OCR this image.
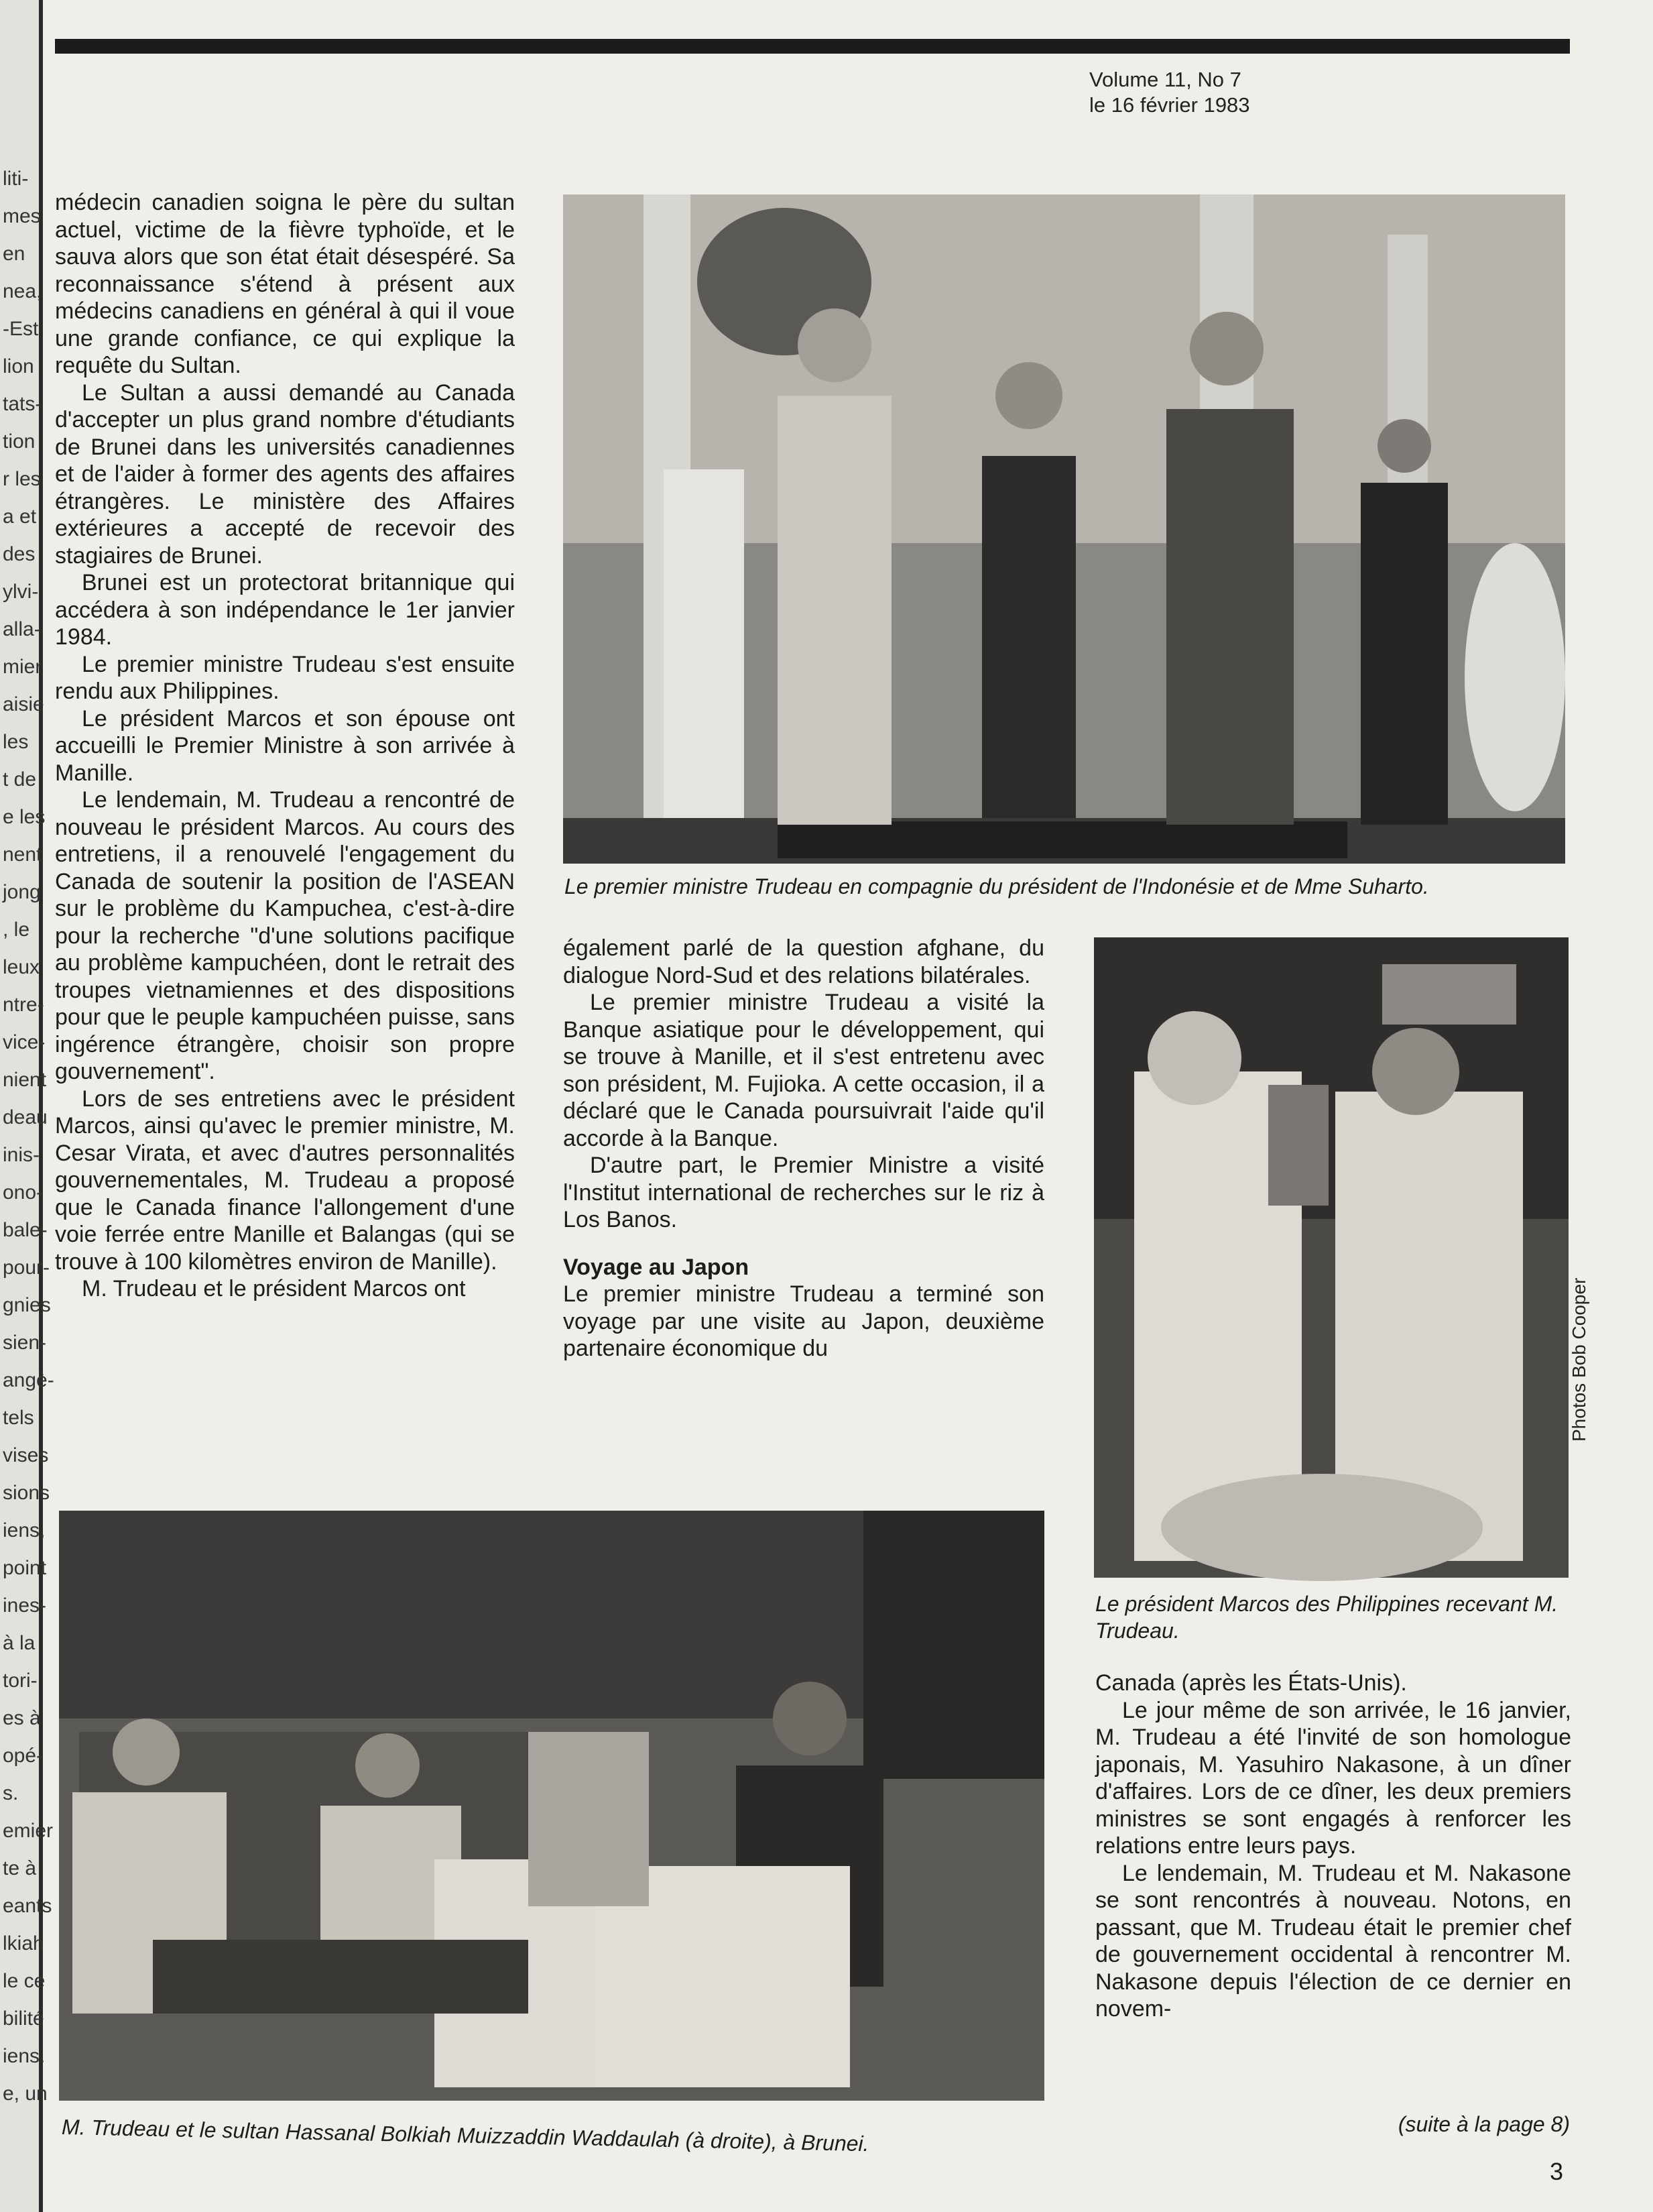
liti-
mes
en
nea,
-Est
lion
tats-
tion
r les
a et
des
ylvi-
alla-
mier
aisie
les
t de
e les
nent
jong
, le
leux
ntre-
vice-
nient
deau
inis-
ono-
bale-
pour-
gnies
sien-
angè-
tels
vises
sions
iens,
point
ines-
à la
tori-
es à
opé-
s.
emier
te à
eants
lkiah
le ce
bilité
iens.
e, un
Volume 11, No 7
le 16 février 1983

médecin canadien soigna le père du sultan actuel, victime de la fièvre typhoïde, et le sauva alors que son état était désespéré. Sa reconnaissance s'étend à présent aux médecins canadiens en général à qui il voue une grande confiance, ce qui explique la requête du Sultan.

Le Sultan a aussi demandé au Canada d'accepter un plus grand nombre d'étudiants de Brunei dans les universités canadiennes et de l'aider à former des agents des affaires étrangères. Le ministère des Affaires extérieures a accepté de recevoir des stagiaires de Brunei.

Brunei est un protectorat britannique qui accédera à son indépendance le 1er janvier 1984.

Le premier ministre Trudeau s'est ensuite rendu aux Philippines.

Le président Marcos et son épouse ont accueilli le Premier Ministre à son arrivée à Manille.

Le lendemain, M. Trudeau a rencontré de nouveau le président Marcos. Au cours des entretiens, il a renouvelé l'engagement du Canada de soutenir la position de l'ASEAN sur le problème du Kampuchea, c'est-à-dire pour la recherche "d'une solutions pacifique au problème kampuchéen, dont le retrait des troupes vietnamiennes et des dispositions pour que le peuple kampuchéen puisse, sans ingérence étrangère, choisir son propre gouvernement".

Lors de ses entretiens avec le président Marcos, ainsi qu'avec le premier ministre, M. Cesar Virata, et avec d'autres personnalités gouvernementales, M. Trudeau a proposé que le Canada finance l'allongement d'une voie ferrée entre Manille et Balangas (qui se trouve à 100 kilomètres environ de Manille).

M. Trudeau et le président Marcos ont

Le premier ministre Trudeau en compagnie du président de l'Indonésie et de Mme Suharto.

également parlé de la question afghane, du dialogue Nord-Sud et des relations bilatérales.

Le premier ministre Trudeau a visité la Banque asiatique pour le développement, qui se trouve à Manille, et il s'est entretenu avec son président, M. Fujioka. A cette occasion, il a déclaré que le Canada poursuivrait l'aide qu'il accorde à la Banque.

D'autre part, le Premier Ministre a visité l'Institut international de recherches sur le riz à Los Banos.

Voyage au Japon

Le premier ministre Trudeau a terminé son voyage par une visite au Japon, deuxième partenaire économique du

Le président Marcos des Philippines recevant M. Trudeau.
Photos Bob Cooper

Canada (après les États-Unis).

Le jour même de son arrivée, le 16 janvier, M. Trudeau a été l'invité de son homologue japonais, M. Yasuhiro Nakasone, à un dîner d'affaires. Lors de ce dîner, les deux premiers ministres se sont engagés à renforcer les relations entre leurs pays.

Le lendemain, M. Trudeau et M. Nakasone se sont rencontrés à nouveau. Notons, en passant, que M. Trudeau était le premier chef de gouvernement occidental à rencontrer M. Nakasone depuis l'élection de ce dernier en novem-

M. Trudeau et le sultan Hassanal Bolkiah Muizzaddin Waddaulah (à droite), à Brunei.	(suite à la page 8)
3
